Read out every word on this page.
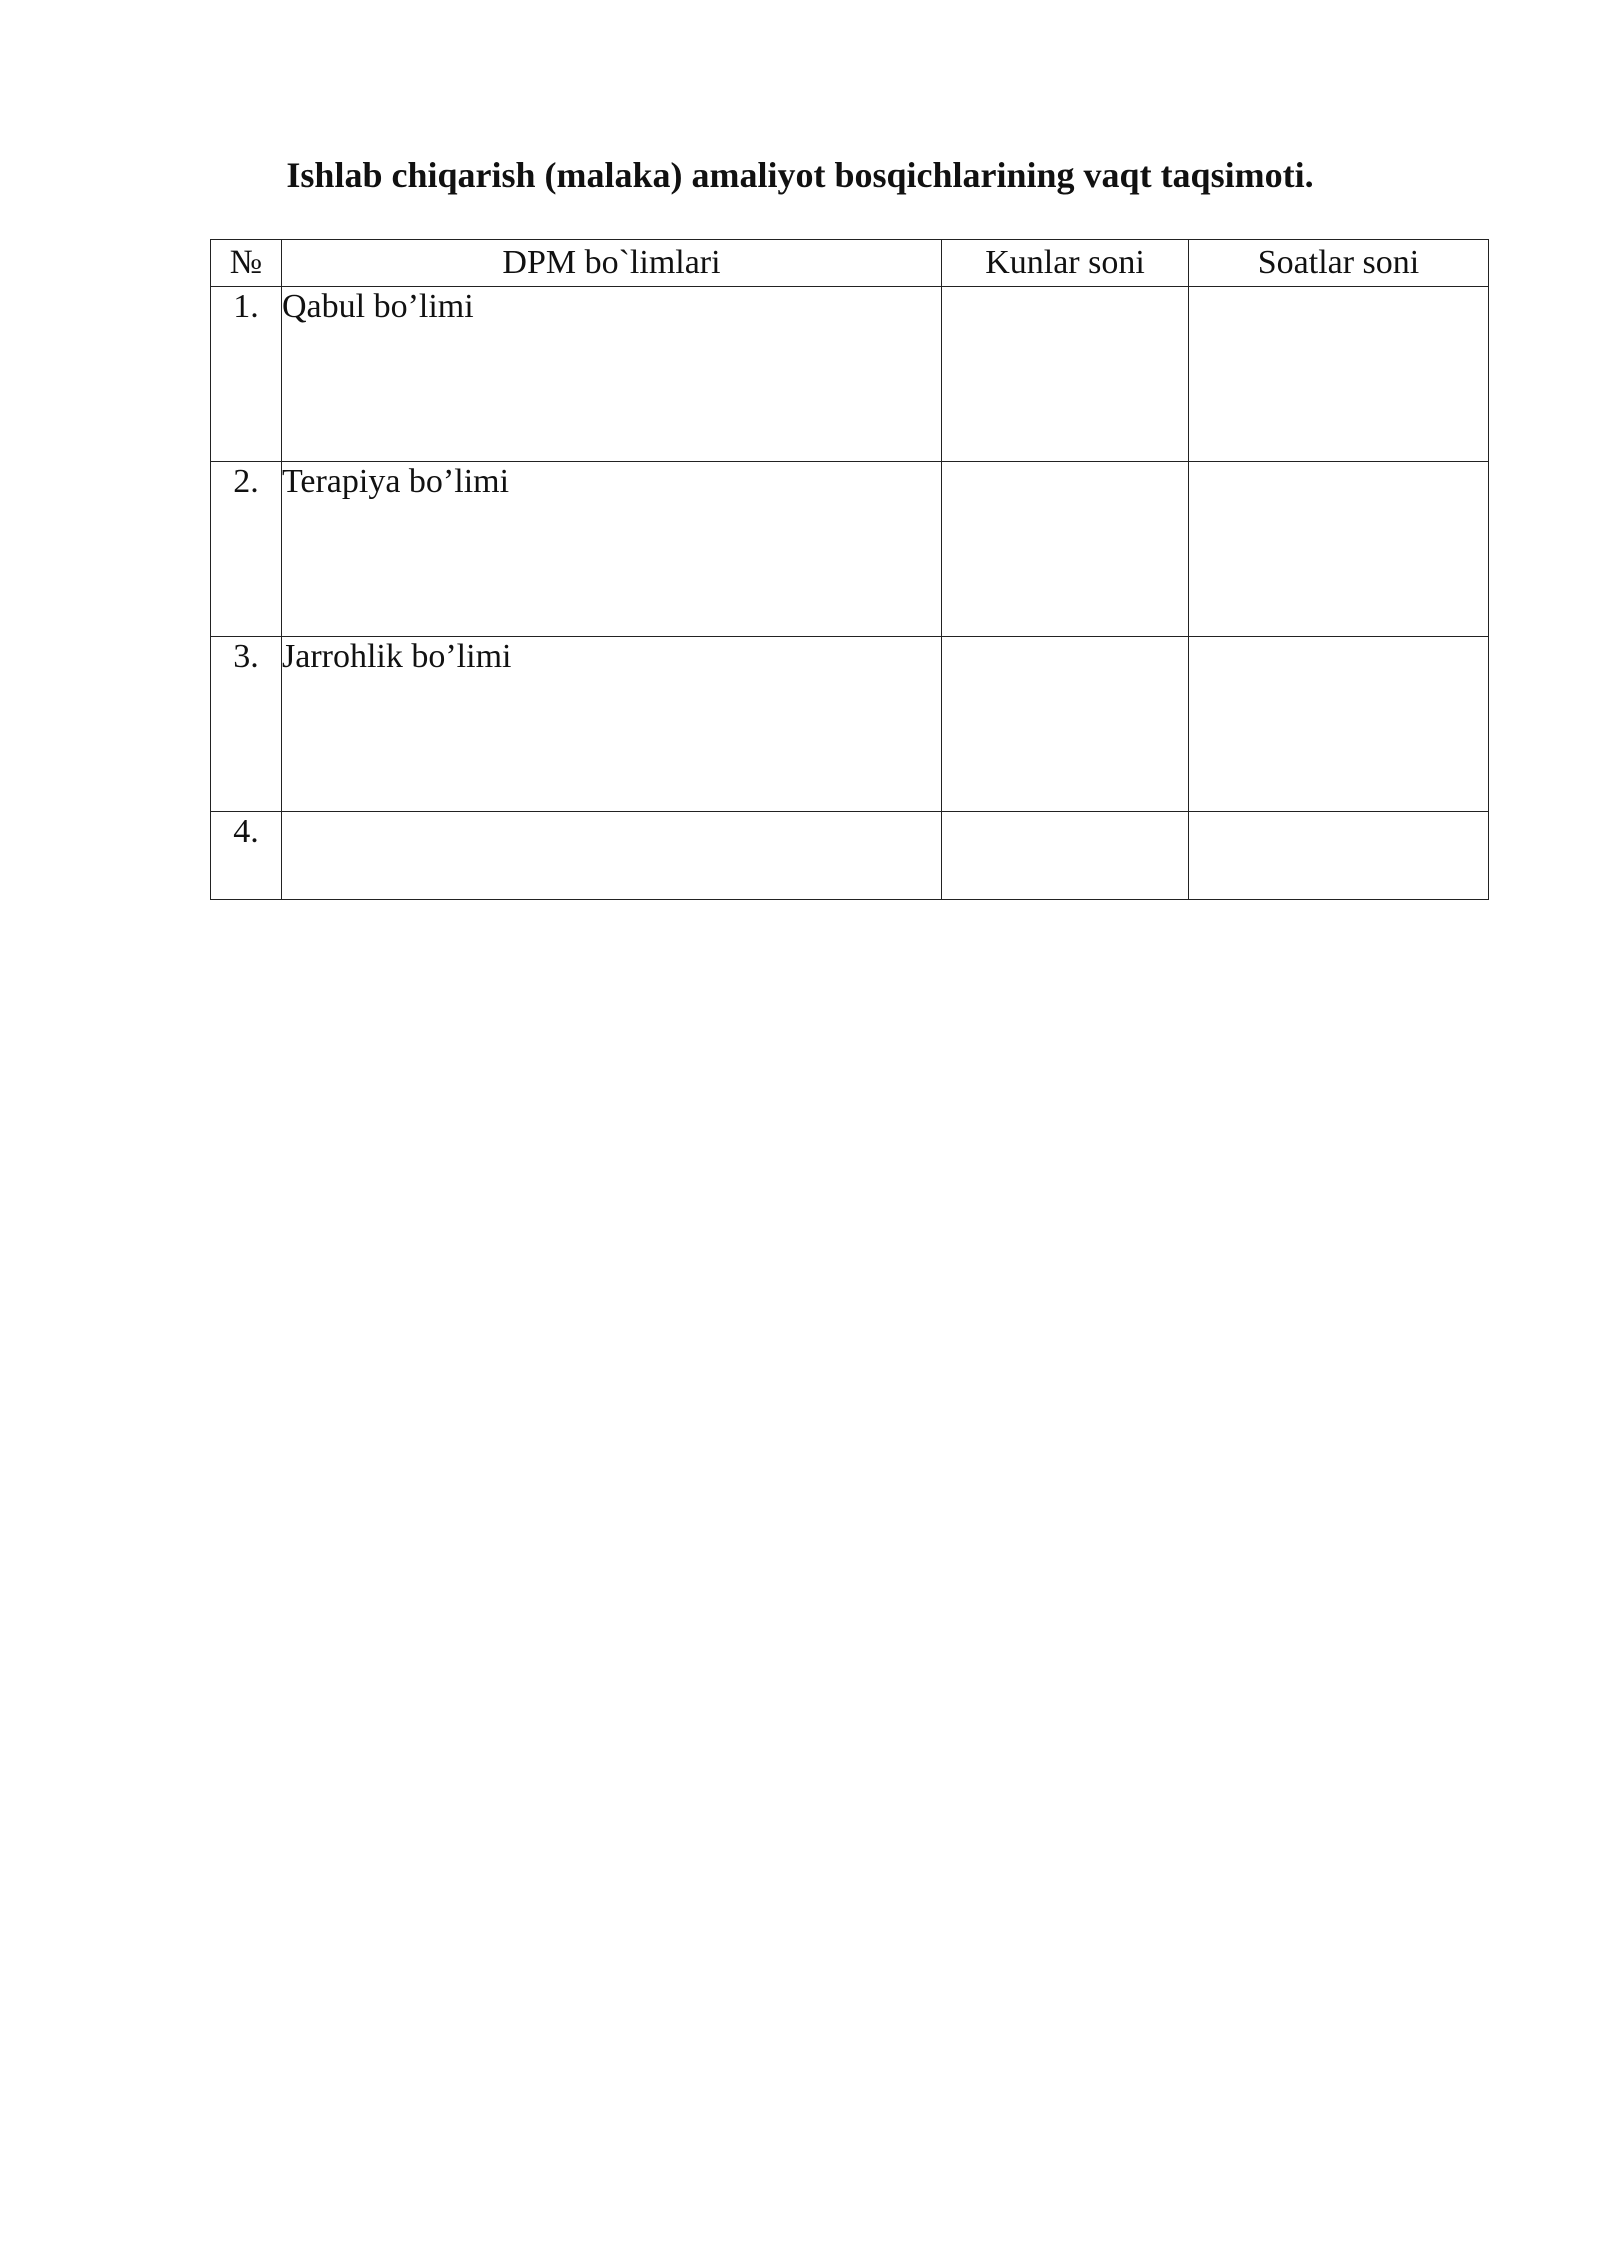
Ishlab chiqarish (malaka) amaliyot bosqichlarining vaqt taqsimoti.
№	DPM bo`limlari	Kunlar soni	Soatlar soni
1.	Qabul bo’limi		
2.	Terapiya bo’limi		
3.	Jarrohlik bo’limi		
4.			
